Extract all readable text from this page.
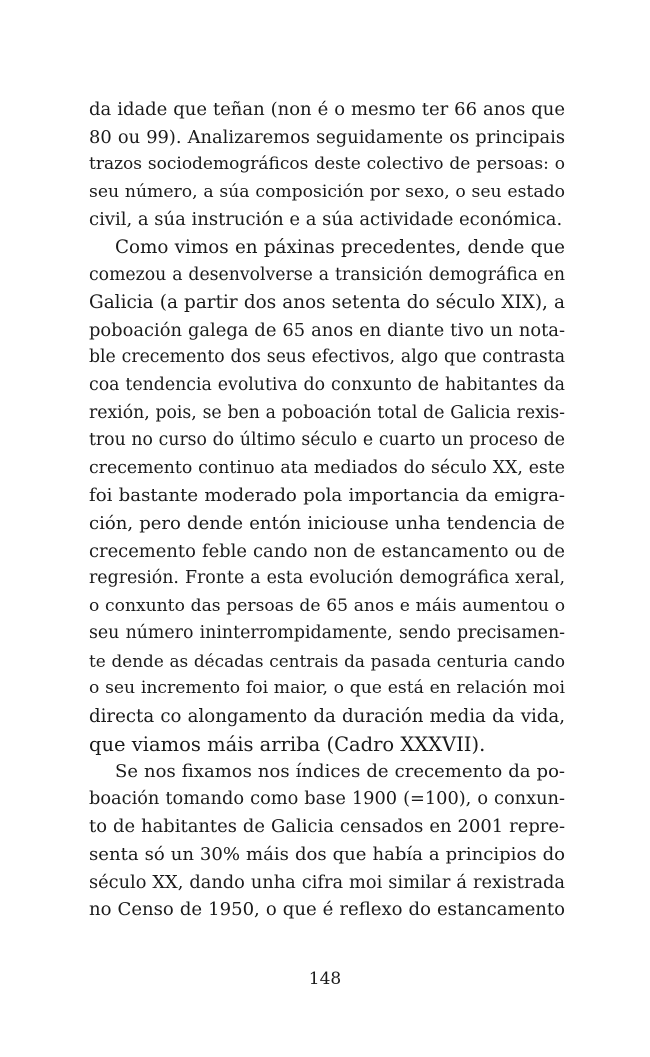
da idade que teñan (non é o mesmo ter 66 anos que
80 ou 99). Analizaremos seguidamente os principais
trazos sociodemográficos deste colectivo de persoas: o
seu número, a súa composición por sexo, o seu estado
civil, a súa instrución e a súa actividade económica.
Como vimos en páxinas precedentes, dende que
comezou a desenvolverse a transición demográfica en
Galicia (a partir dos anos setenta do século XIX), a
poboación galega de 65 anos en diante tivo un nota-
ble crecemento dos seus efectivos, algo que contrasta
coa tendencia evolutiva do conxunto de habitantes da
rexión, pois, se ben a poboación total de Galicia rexis-
trou no curso do último século e cuarto un proceso de
crecemento continuo ata mediados do século XX, este
foi bastante moderado pola importancia da emigra-
ción, pero dende entón iniciouse unha tendencia de
crecemento feble cando non de estancamento ou de
regresión. Fronte a esta evolución demográfica xeral,
o conxunto das persoas de 65 anos e máis aumentou o
seu número ininterrompidamente, sendo precisamen-
te dende as décadas centrais da pasada centuria cando
o seu incremento foi maior, o que está en relación moi
directa co alongamento da duración media da vida,
que viamos máis arriba (Cadro XXXVII).
Se nos fixamos nos índices de crecemento da po-
boación tomando como base 1900 (=100), o conxun-
to de habitantes de Galicia censados en 2001 repre-
senta só un 30% máis dos que había a principios do
século XX, dando unha cifra moi similar á rexistrada
no Censo de 1950, o que é reflexo do estancamento
148
